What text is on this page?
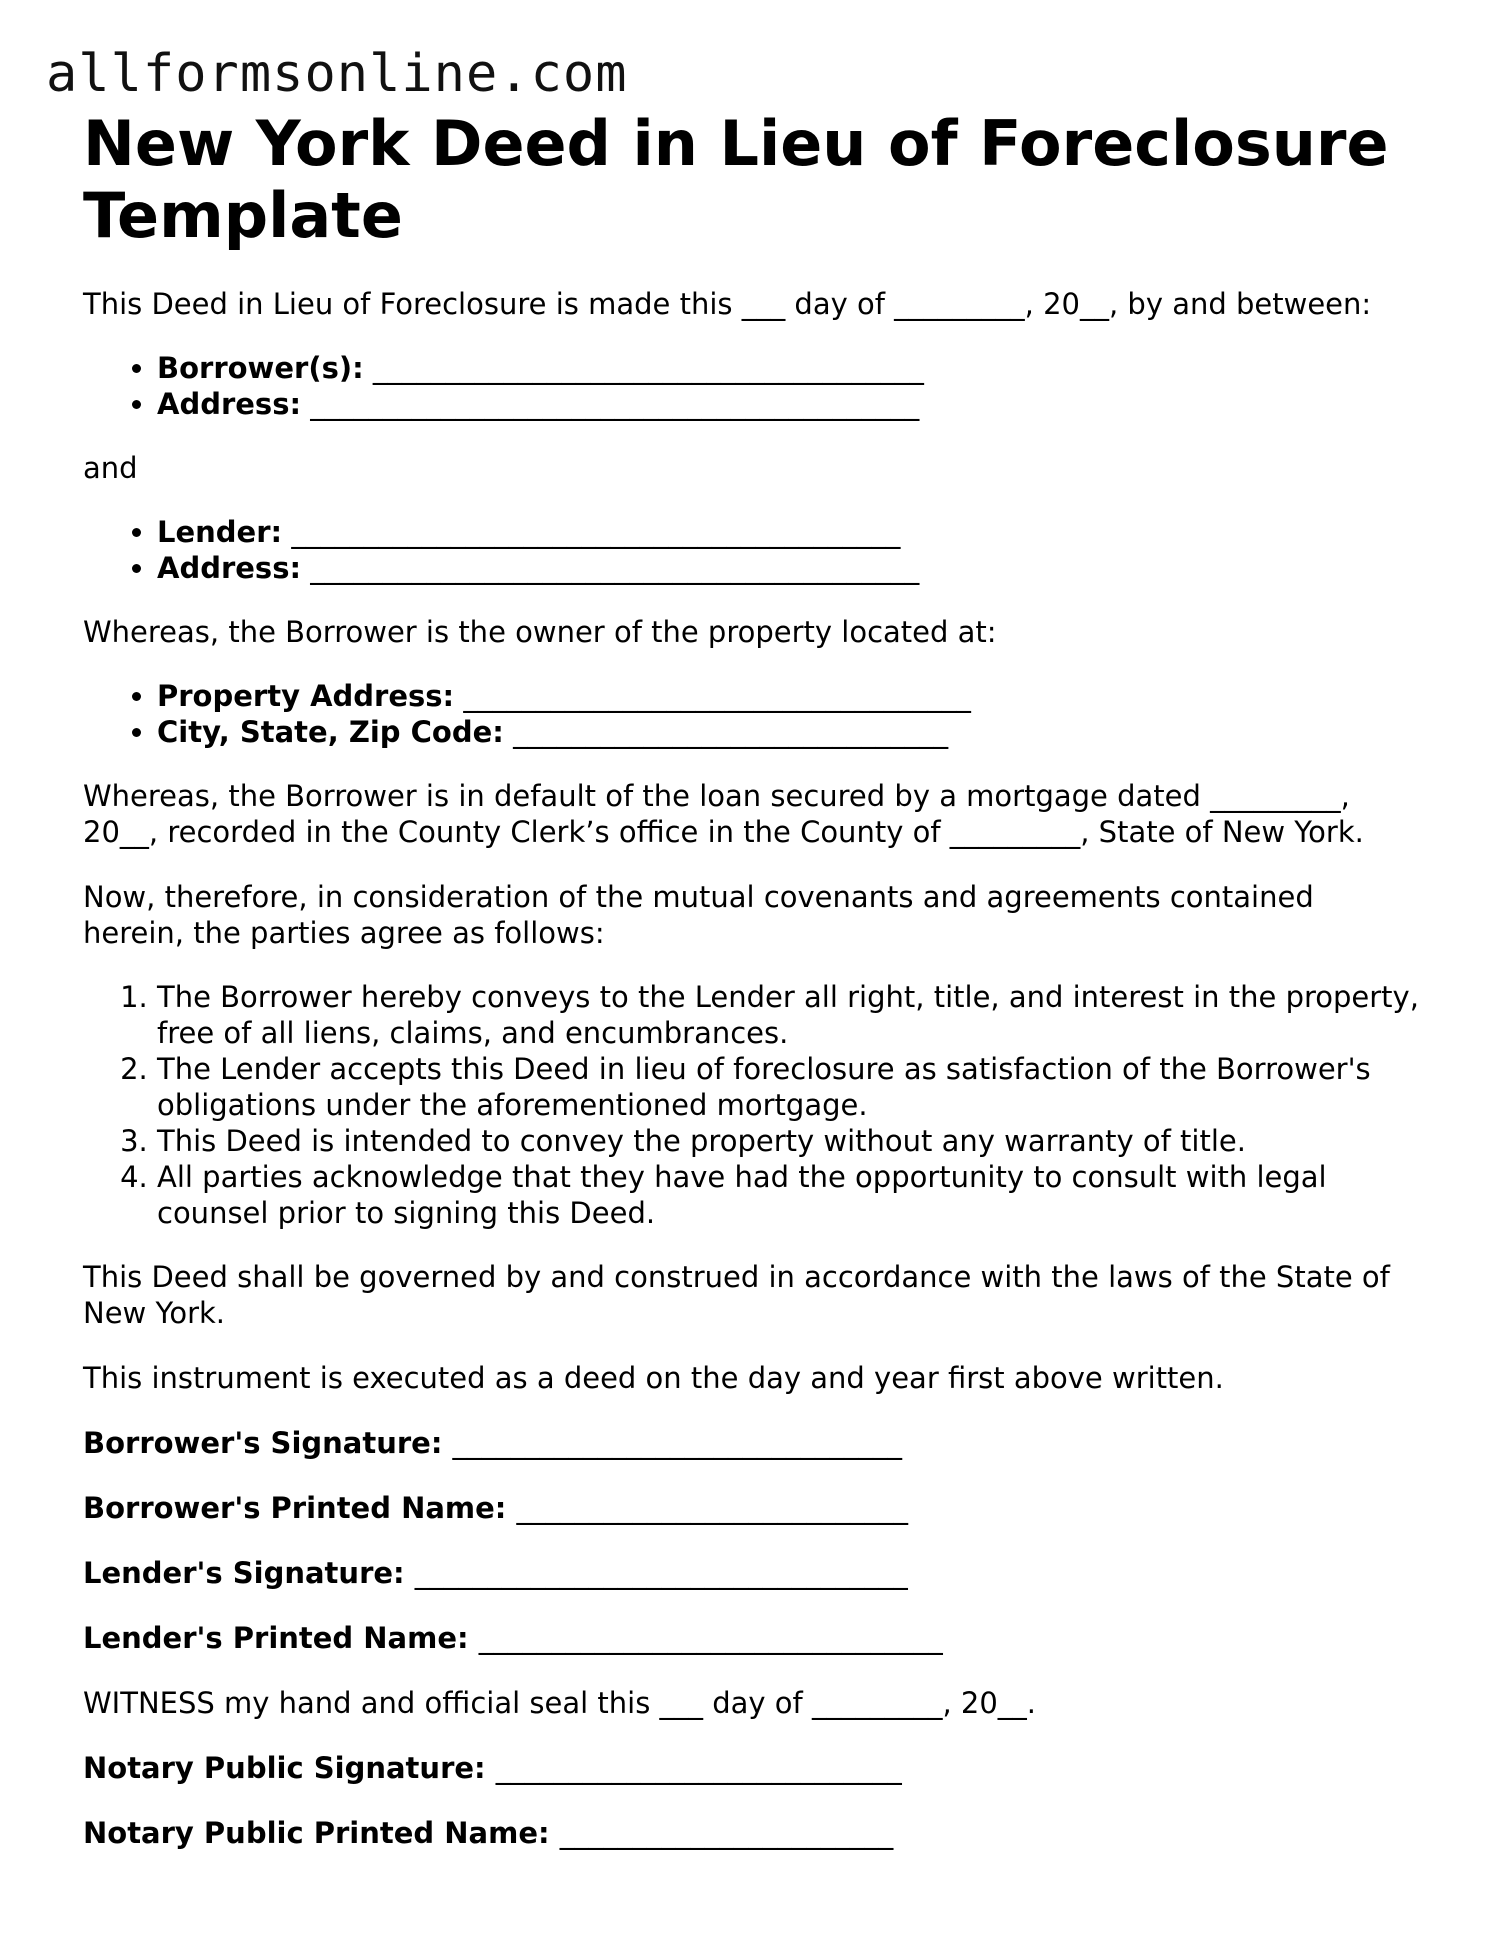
allformsonline.com
New York Deed in Lieu of Foreclosure Template

This Deed in Lieu of Foreclosure is made this ___ day of _________, 20__, by and between:

• Borrower(s): ______________________________________
• Address: __________________________________________

and

• Lender: __________________________________________
• Address: __________________________________________

Whereas, the Borrower is the owner of the property located at:

• Property Address: ___________________________________
• City, State, Zip Code: ______________________________

Whereas, the Borrower is in default of the loan secured by a mortgage dated _________, 20__, recorded in the County Clerk’s office in the County of _________, State of New York.

Now, therefore, in consideration of the mutual covenants and agreements contained herein, the parties agree as follows:

1. The Borrower hereby conveys to the Lender all right, title, and interest in the property, free of all liens, claims, and encumbrances.
2. The Lender accepts this Deed in lieu of foreclosure as satisfaction of the Borrower's obligations under the aforementioned mortgage.
3. This Deed is intended to convey the property without any warranty of title.
4. All parties acknowledge that they have had the opportunity to consult with legal counsel prior to signing this Deed.

This Deed shall be governed by and construed in accordance with the laws of the State of New York.

This instrument is executed as a deed on the day and year first above written.

Borrower's Signature: _______________________________

Borrower's Printed Name: ___________________________

Lender's Signature: __________________________________

Lender's Printed Name: ________________________________

WITNESS my hand and official seal this ___ day of _________, 20__.

Notary Public Signature: ____________________________

Notary Public Printed Name: _______________________
